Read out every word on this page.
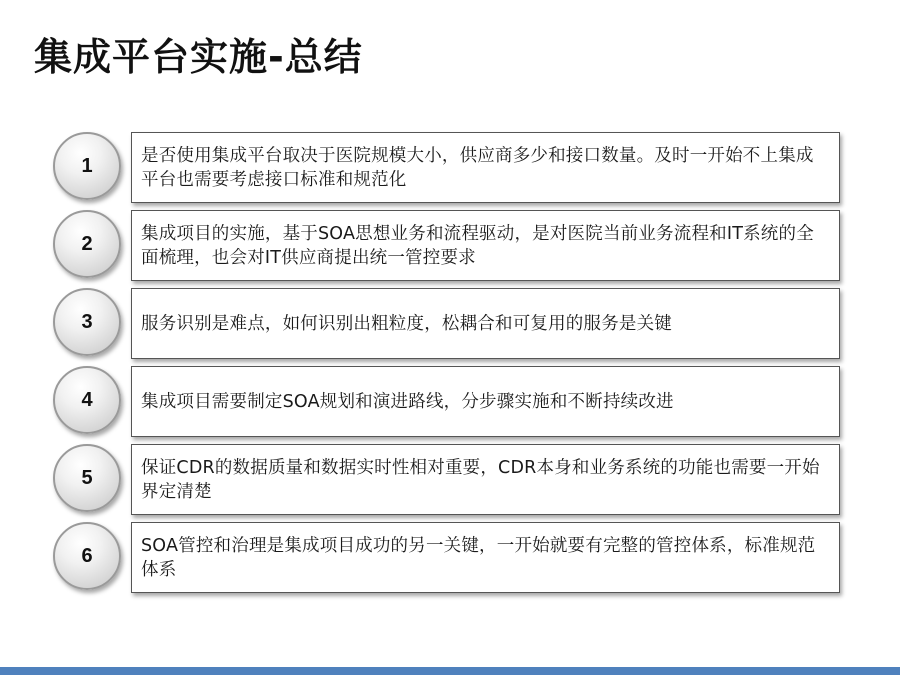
集成平台实施-总结
1	是否使用集成平台取决于医院规模大小，供应商多少和接口数量。及时一开始不上集成平台也需要考虑接口标准和规范化

2	集成项目的实施，基于SOA思想业务和流程驱动，是对医院当前业务流程和IT系统的全面梳理，也会对IT供应商提出统一管控要求

3	服务识别是难点，如何识别出粗粒度，松耦合和可复用的服务是关键

4	集成项目需要制定SOA规划和演进路线，分步骤实施和不断持续改进

5	保证CDR的数据质量和数据实时性相对重要，CDR本身和业务系统的功能也需要一开始界定清楚

6	SOA管控和治理是集成项目成功的另一关键，一开始就要有完整的管控体系，标准规范体系
